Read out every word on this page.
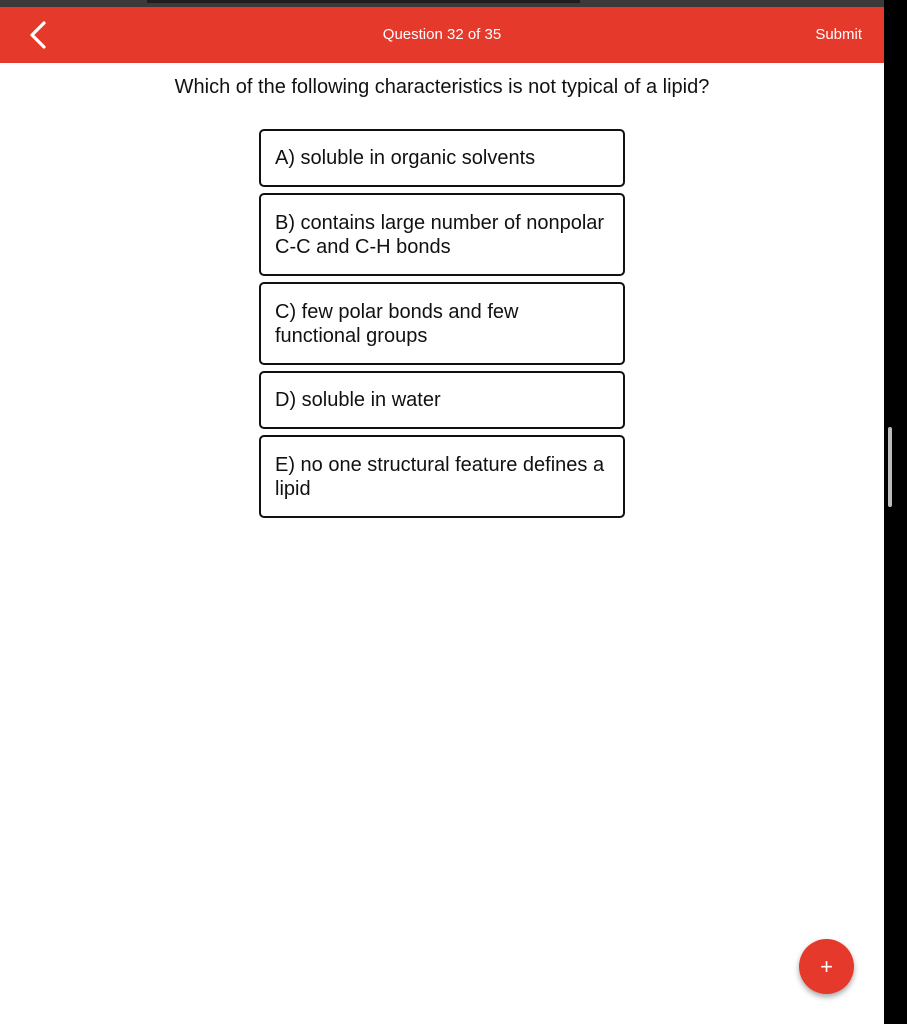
Question 32 of 35	Submit
Which of the following characteristics is not typical of a lipid?
A) soluble in organic solvents
B) contains large number of nonpolar C-C and C-H bonds
C) few polar bonds and few functional groups
D) soluble in water
E) no one structural feature defines a lipid
+
